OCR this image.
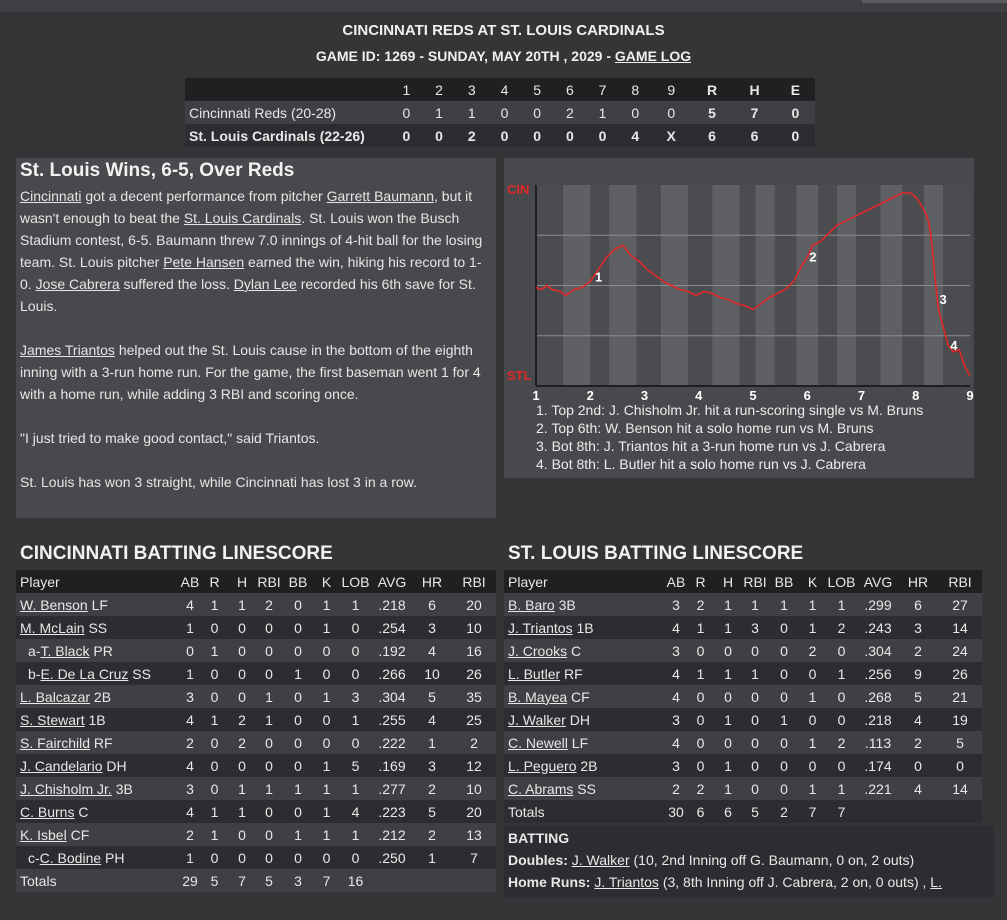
CINCINNATI REDS AT ST. LOUIS CARDINALS
GAME ID: 1269 - SUNDAY, MAY 20TH , 2029 - GAME LOG
	1	2	3	4	5	6	7	8	9	R	H	E
Cincinnati Reds (20-28)	0	1	1	0	0	2	1	0	0	5	7	0
St. Louis Cardinals (22-26)	0	0	2	0	0	0	0	4	X	6	6	0
St. Louis Wins, 6-5, Over Reds

Cincinnati got a decent performance from pitcher Garrett Baumann, but it wasn't enough to beat the St. Louis Cardinals. St. Louis won the Busch Stadium contest, 6-5. Baumann threw 7.0 innings of 4-hit ball for the losing team. St. Louis pitcher Pete Hansen earned the win, hiking his record to 1-0. Jose Cabrera suffered the loss. Dylan Lee recorded his 6th save for St. Louis.

James Triantos helped out the St. Louis cause in the bottom of the eighth inning with a 3-run home run. For the game, the first baseman went 1 for 4 with a home run, while adding 3 RBI and scoring once.

"I just tried to make good contact," said Triantos.

St. Louis has won 3 straight, while Cincinnati has lost 3 in a row.

CIN
STL
1
2
3
4
1	2	3	4	5	6	7	8	9
1. Top 2nd: J. Chisholm Jr. hit a run-scoring single vs M. Bruns
2. Top 6th: W. Benson hit a solo home run vs M. Bruns
3. Bot 8th: J. Triantos hit a 3-run home run vs J. Cabrera
4. Bot 8th: L. Butler hit a solo home run vs J. Cabrera
CINCINNATI BATTING LINESCORE
Player	AB	R	H	RBI	BB	K	LOB	AVG	HR	RBI
W. Benson LF	4	1	1	2	0	1	1	.218	6	20
M. McLain SS	1	0	0	0	0	1	0	.254	3	10
a-T. Black PR	0	1	0	0	0	0	0	.192	4	16
b-E. De La Cruz SS	1	0	0	0	1	0	0	.266	10	26
L. Balcazar 2B	3	0	0	1	0	1	3	.304	5	35
S. Stewart 1B	4	1	2	1	0	0	1	.255	4	25
S. Fairchild RF	2	0	2	0	0	0	0	.222	1	2
J. Candelario DH	4	0	0	0	0	1	5	.169	3	12
J. Chisholm Jr. 3B	3	0	1	1	1	1	1	.277	2	10
C. Burns C	4	1	1	0	0	1	4	.223	5	20
K. Isbel CF	2	1	0	0	1	1	1	.212	2	13
c-C. Bodine PH	1	0	0	0	0	0	0	.250	1	7
Totals	29	5	7	5	3	7	16			
ST. LOUIS BATTING LINESCORE
Player	AB	R	H	RBI	BB	K	LOB	AVG	HR	RBI
B. Baro 3B	3	2	1	1	1	1	1	.299	6	27
J. Triantos 1B	4	1	1	3	0	1	2	.243	3	14
J. Crooks C	3	0	0	0	0	2	0	.304	2	24
L. Butler RF	4	1	1	1	0	0	1	.256	9	26
B. Mayea CF	4	0	0	0	0	1	0	.268	5	21
J. Walker DH	3	0	1	0	1	0	0	.218	4	19
C. Newell LF	4	0	0	0	0	1	2	.113	2	5
L. Peguero 2B	3	0	1	0	0	0	0	.174	0	0
C. Abrams SS	2	2	1	0	0	1	1	.221	4	14
Totals	30	6	6	5	2	7	7			
BATTING
Doubles: J. Walker (10, 2nd Inning off G. Baumann, 0 on, 2 outs)
Home Runs: J. Triantos (3, 8th Inning off J. Cabrera, 2 on, 0 outs) , L.
